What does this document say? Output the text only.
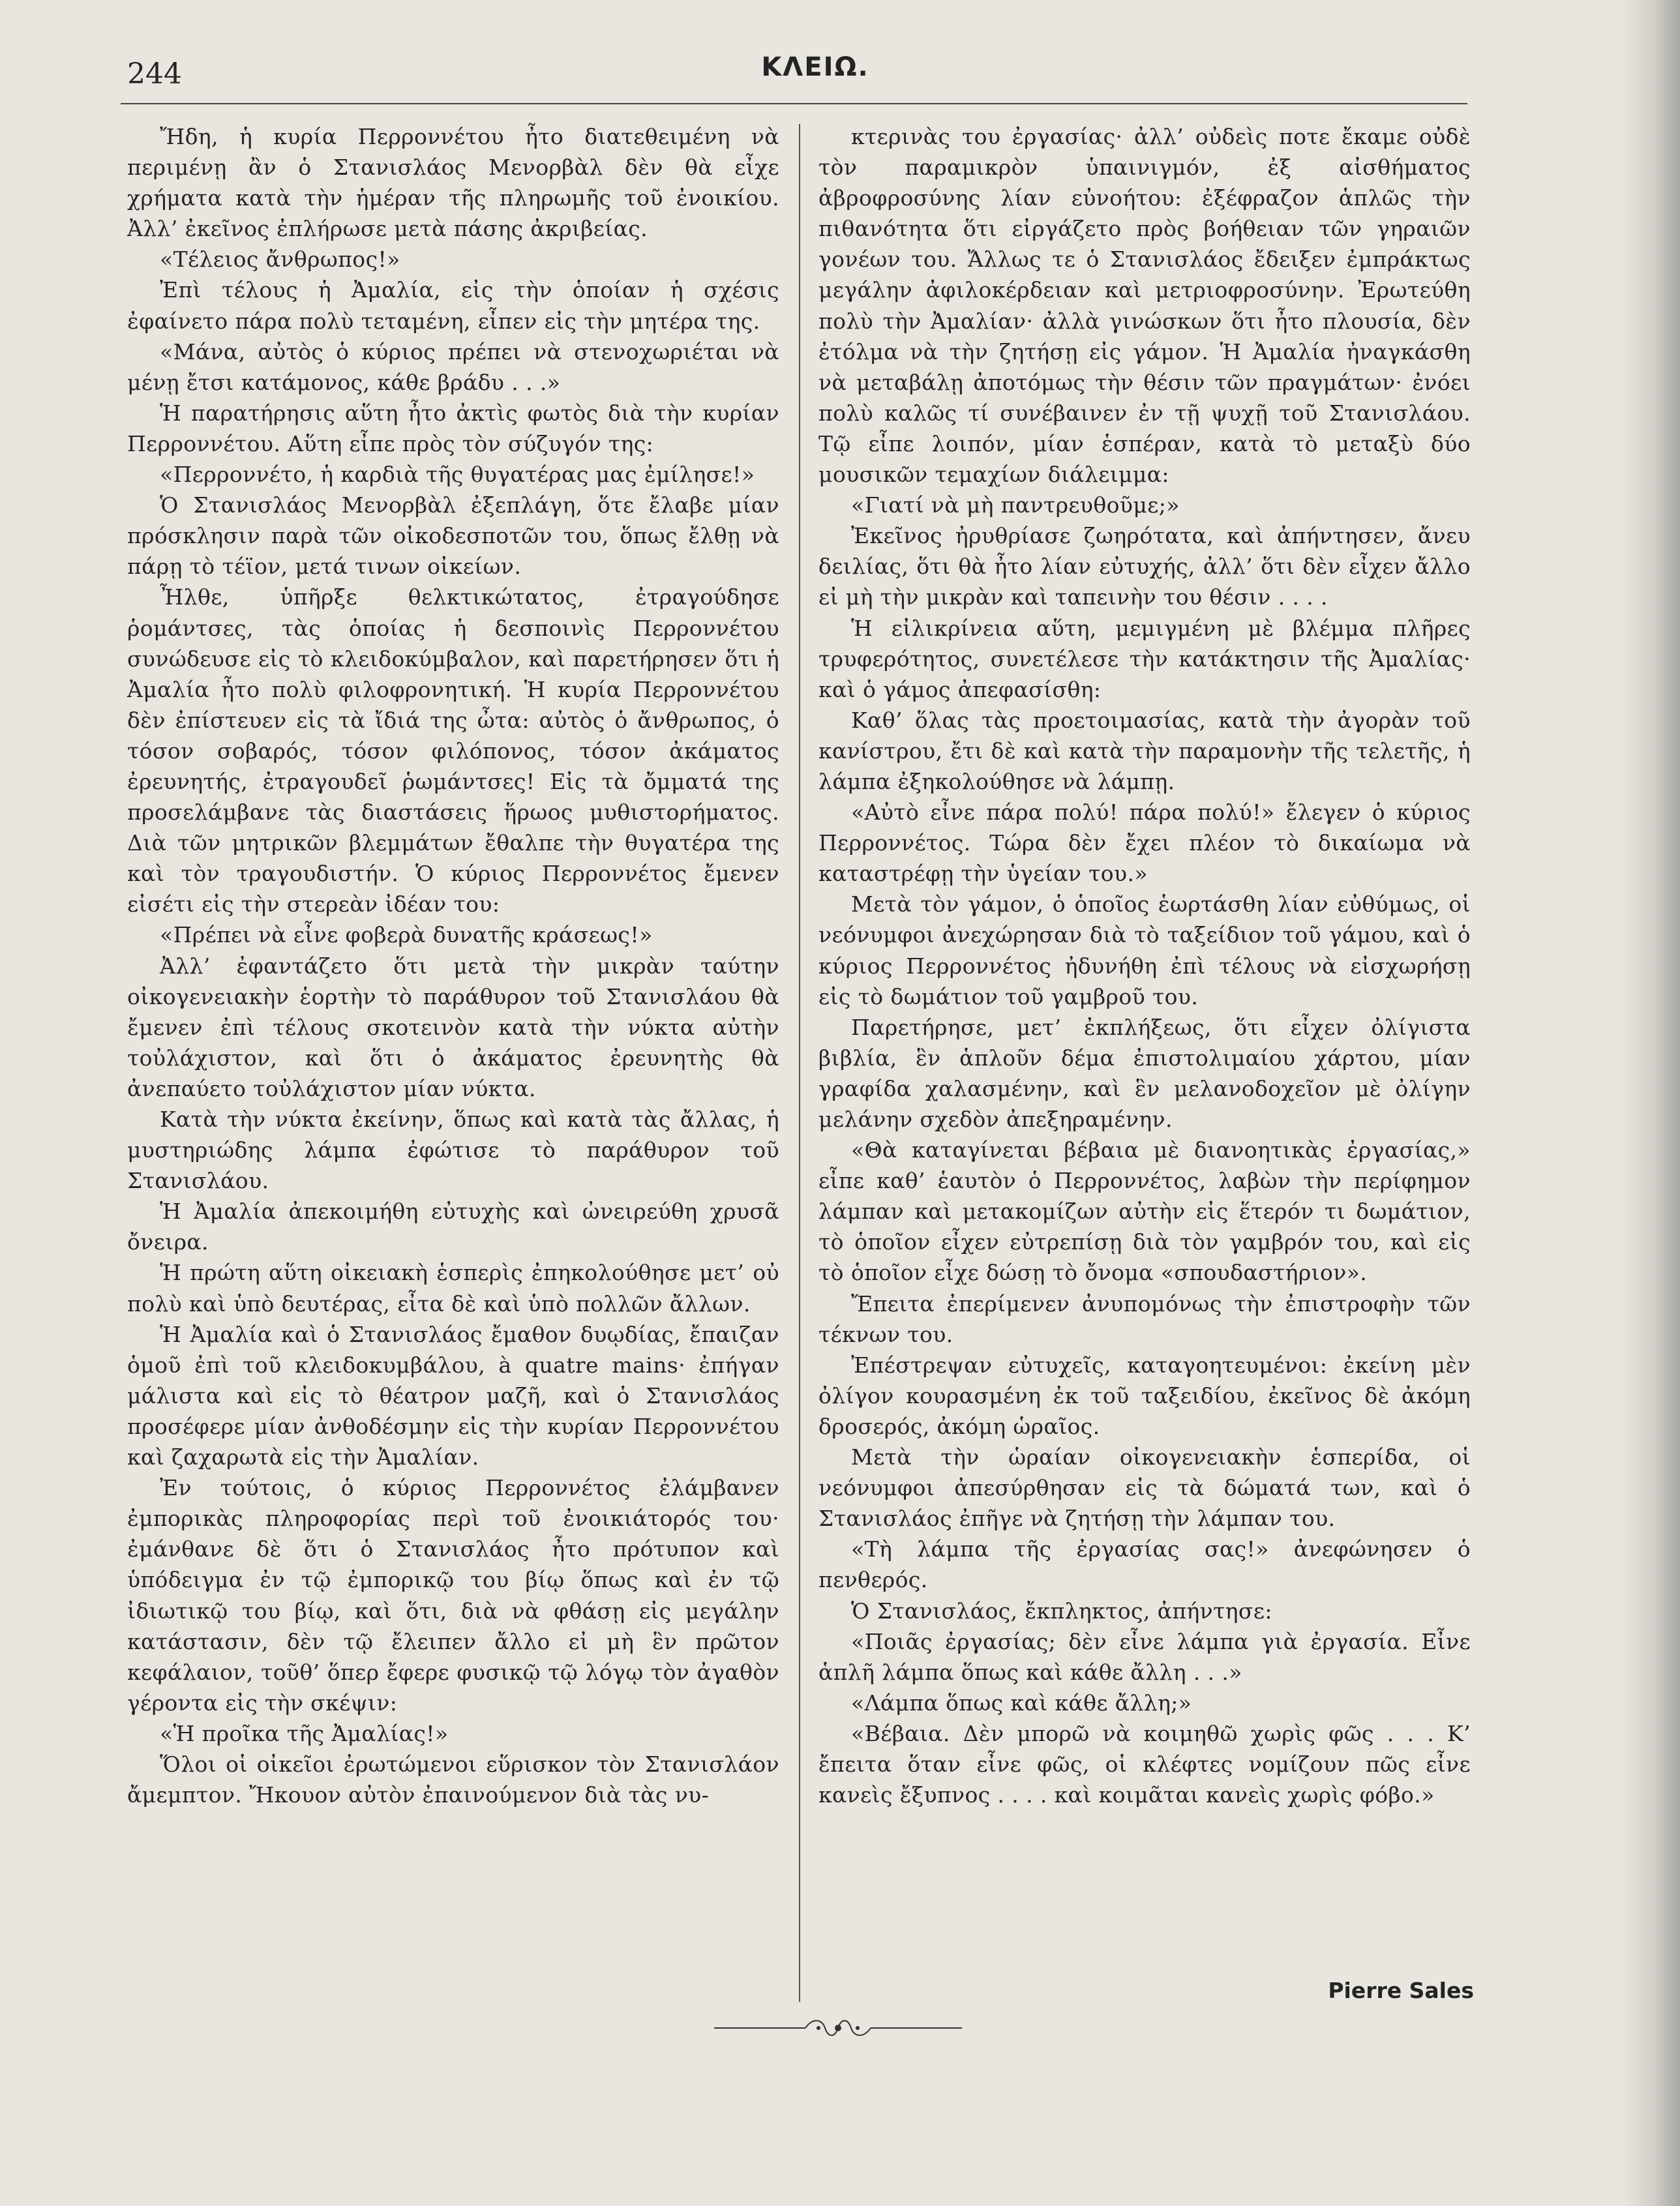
244	ΚΛΕΙΩ.

Ἤδη, ἡ κυρία Περροννέτου ἦτο διατεθειμένη νὰ περιμένῃ ἂν ὁ Στανισλάος Μενορβὰλ δὲν θὰ εἶχε χρήματα κατὰ τὴν ἡμέραν τῆς πληρωμῆς τοῦ ἐνοικίου. Ἀλλ’ ἐκεῖνος ἐπλήρωσε μετὰ πάσης ἀκριβείας.

«Τέλειος ἄνθρωπος!»

Ἐπὶ τέλους ἡ Ἀμαλία, εἰς τὴν ὁποίαν ἡ σχέσις ἐφαίνετο πάρα πολὺ τεταμένη, εἶπεν εἰς τὴν μητέρα της.

«Μάνα, αὐτὸς ὁ κύριος πρέπει νὰ στενοχωριέται νὰ μένῃ ἔτσι κατάμονος, κάθε βράδυ . . .»

Ἡ παρατήρησις αὕτη ἦτο ἀκτὶς φωτὸς διὰ τὴν κυρίαν Περροννέτου. Αὕτη εἶπε πρὸς τὸν σύζυγόν της:

«Περροννέτο, ἡ καρδιὰ τῆς θυγατέρας μας ἐμίλησε!»

Ὁ Στανισλάος Μενορβὰλ ἐξεπλάγη, ὅτε ἔλαβε μίαν πρόσκλησιν παρὰ τῶν οἰκοδεσποτῶν του, ὅπως ἔλθῃ νὰ πάρῃ τὸ τέϊον, μετά τινων οἰκείων.

Ἦλθε, ὑπῆρξε θελκτικώτατος, ἐτραγούδησε ῥομάντσες, τὰς ὁποίας ἡ δεσποινὶς Περροννέτου συνώδευσε εἰς τὸ κλειδοκύμβαλον, καὶ παρετήρησεν ὅτι ἡ Ἀμαλία ἦτο πολὺ φιλοφρονητική. Ἡ κυρία Περροννέτου δὲν ἐπίστευεν εἰς τὰ ἴδιά της ὦτα: αὐτὸς ὁ ἄνθρωπος, ὁ τόσον σοβαρός, τόσον φιλόπονος, τόσον ἀκάματος ἐρευνητής, ἐτραγουδεῖ ῥωμάντσες! Εἰς τὰ ὄμματά της προσελάμβανε τὰς διαστάσεις ἥρωος μυθιστορήματος. Διὰ τῶν μητρικῶν βλεμμάτων ἔθαλπε τὴν θυγατέρα της καὶ τὸν τραγουδιστήν. Ὁ κύριος Περροννέτος ἔμενεν εἰσέτι εἰς τὴν στερεὰν ἰδέαν του:

«Πρέπει νὰ εἶνε φοβερὰ δυνατῆς κράσεως!»

Ἀλλ’ ἐφαντάζετο ὅτι μετὰ τὴν μικρὰν ταύτην οἰκογενειακὴν ἑορτὴν τὸ παράθυρον τοῦ Στανισλάου θὰ ἔμενεν ἐπὶ τέλους σκοτεινὸν κατὰ τὴν νύκτα αὐτὴν τοὐλάχιστον, καὶ ὅτι ὁ ἀκάματος ἐρευνητὴς θὰ ἀνεπαύετο τοὐλάχιστον μίαν νύκτα.

Κατὰ τὴν νύκτα ἐκείνην, ὅπως καὶ κατὰ τὰς ἄλλας, ἡ μυστηριώδης λάμπα ἐφώτισε τὸ παράθυρον τοῦ Στανισλάου.

Ἡ Ἀμαλία ἀπεκοιμήθη εὐτυχὴς καὶ ὠνειρεύθη χρυσᾶ ὄνειρα.

Ἡ πρώτη αὕτη οἰκειακὴ ἑσπερὶς ἐπηκολούθησε μετ’ οὐ πολὺ καὶ ὑπὸ δευτέρας, εἶτα δὲ καὶ ὑπὸ πολλῶν ἄλλων.

Ἡ Ἀμαλία καὶ ὁ Στανισλάος ἔμαθον δυῳδίας, ἔπαιζαν ὁμοῦ ἐπὶ τοῦ κλειδοκυμβάλου, à quatre mains· ἐπήγαν μάλιστα καὶ εἰς τὸ θέατρον μαζῆ, καὶ ὁ Στανισλάος προσέφερε μίαν ἀνθοδέσμην εἰς τὴν κυρίαν Περροννέτου καὶ ζαχαρωτὰ εἰς τὴν Ἀμαλίαν.

Ἐν τούτοις, ὁ κύριος Περροννέτος ἐλάμβανεν ἐμπορικὰς πληροφορίας περὶ τοῦ ἐνοικιάτορός του· ἐμάνθανε δὲ ὅτι ὁ Στανισλάος ἦτο πρότυπον καὶ ὑπόδειγμα ἐν τῷ ἐμπορικῷ του βίῳ ὅπως καὶ ἐν τῷ ἰδιωτικῷ του βίῳ, καὶ ὅτι, διὰ νὰ φθάσῃ εἰς μεγάλην κατάστασιν, δὲν τῷ ἔλειπεν ἄλλο εἰ μὴ ἓν πρῶτον κεφάλαιον, τοῦθ’ ὅπερ ἔφερε φυσικῷ τῷ λόγῳ τὸν ἀγαθὸν γέροντα εἰς τὴν σκέψιν:

«Ἡ προῖκα τῆς Ἀμαλίας!»

Ὅλοι οἱ οἰκεῖοι ἐρωτώμενοι εὕρισκον τὸν Στανισλάον ἄμεμπτον. Ἤκουον αὐτὸν ἐπαινούμενον διὰ τὰς νυ-

κτερινὰς του ἐργασίας· ἀλλ’ οὐδεὶς ποτε ἔκαμε οὐδὲ τὸν παραμικρὸν ὑπαινιγμόν, ἐξ αἰσθήματος ἀβροφροσύνης λίαν εὐνοήτου: ἐξέφραζον ἁπλῶς τὴν πιθανότητα ὅτι εἰργάζετο πρὸς βοήθειαν τῶν γηραιῶν γονέων του. Ἄλλως τε ὁ Στανισλάος ἔδειξεν ἐμπράκτως μεγάλην ἀφιλοκέρδειαν καὶ μετριοφροσύνην. Ἐρωτεύθη πολὺ τὴν Ἀμαλίαν· ἀλλὰ γινώσκων ὅτι ἦτο πλουσία, δὲν ἐτόλμα νὰ τὴν ζητήσῃ εἰς γάμον. Ἡ Ἀμαλία ἠναγκάσθη νὰ μεταβάλῃ ἀποτόμως τὴν θέσιν τῶν πραγμάτων· ἐνόει πολὺ καλῶς τί συνέβαινεν ἐν τῇ ψυχῇ τοῦ Στανισλάου. Τῷ εἶπε λοιπόν, μίαν ἑσπέραν, κατὰ τὸ μεταξὺ δύο μουσικῶν τεμαχίων διάλειμμα:

«Γιατί νὰ μὴ παντρευθοῦμε;»

Ἐκεῖνος ἠρυθρίασε ζωηρότατα, καὶ ἀπήντησεν, ἄνευ δειλίας, ὅτι θὰ ἦτο λίαν εὐτυχής, ἀλλ’ ὅτι δὲν εἶχεν ἄλλο εἰ μὴ τὴν μικρὰν καὶ ταπεινὴν του θέσιν . . . .

Ἡ εἰλικρίνεια αὕτη, μεμιγμένη μὲ βλέμμα πλῆρες τρυφερότητος, συνετέλεσε τὴν κατάκτησιν τῆς Ἀμαλίας· καὶ ὁ γάμος ἀπεφασίσθη:

Καθ’ ὅλας τὰς προετοιμασίας, κατὰ τὴν ἀγορὰν τοῦ κανίστρου, ἔτι δὲ καὶ κατὰ τὴν παραμονὴν τῆς τελετῆς, ἡ λάμπα ἐξηκολούθησε νὰ λάμπῃ.

«Αὐτὸ εἶνε πάρα πολύ! πάρα πολύ!» ἔλεγεν ὁ κύριος Περροννέτος. Τώρα δὲν ἔχει πλέον τὸ δικαίωμα νὰ καταστρέφῃ τὴν ὑγείαν του.»

Μετὰ τὸν γάμον, ὁ ὁποῖος ἑωρτάσθη λίαν εὐθύμως, οἱ νεόνυμφοι ἀνεχώρησαν διὰ τὸ ταξείδιον τοῦ γάμου, καὶ ὁ κύριος Περροννέτος ἠδυνήθη ἐπὶ τέλους νὰ εἰσχωρήσῃ εἰς τὸ δωμάτιον τοῦ γαμβροῦ του.

Παρετήρησε, μετ’ ἐκπλήξεως, ὅτι εἶχεν ὀλίγιστα βιβλία, ἓν ἁπλοῦν δέμα ἐπιστολιμαίου χάρτου, μίαν γραφίδα χαλασμένην, καὶ ἓν μελανοδοχεῖον μὲ ὀλίγην μελάνην σχεδὸν ἀπεξηραμένην.

«Θὰ καταγίνεται βέβαια μὲ διανοητικὰς ἐργασίας,» εἶπε καθ’ ἑαυτὸν ὁ Περροννέτος, λαβὼν τὴν περίφημον λάμπαν καὶ μετακομίζων αὐτὴν εἰς ἕτερόν τι δωμάτιον, τὸ ὁποῖον εἶχεν εὐτρεπίσῃ διὰ τὸν γαμβρόν του, καὶ εἰς τὸ ὁποῖον εἶχε δώσῃ τὸ ὄνομα «σπουδαστήριον».

Ἔπειτα ἐπερίμενεν ἀνυπομόνως τὴν ἐπιστροφὴν τῶν τέκνων του.

Ἐπέστρεψαν εὐτυχεῖς, καταγοητευμένοι: ἐκείνη μὲν ὀλίγον κουρασμένη ἐκ τοῦ ταξειδίου, ἐκεῖνος δὲ ἀκόμη δροσερός, ἀκόμη ὡραῖος.

Μετὰ τὴν ὡραίαν οἰκογενειακὴν ἑσπερίδα, οἱ νεόνυμφοι ἀπεσύρθησαν εἰς τὰ δώματά των, καὶ ὁ Στανισλάος ἐπῆγε νὰ ζητήσῃ τὴν λάμπαν του.

«Τὴ λάμπα τῆς ἐργασίας σας!» ἀνεφώνησεν ὁ πενθερός.

Ὁ Στανισλάος, ἔκπληκτος, ἀπήντησε:

«Ποιᾶς ἐργασίας; δὲν εἶνε λάμπα γιὰ ἐργασία. Εἶνε ἁπλῆ λάμπα ὅπως καὶ κάθε ἄλλη . . .»

«Λάμπα ὅπως καὶ κάθε ἄλλη;»

«Βέβαια. Δὲν μπορῶ νὰ κοιμηθῶ χωρὶς φῶς . . . Κ’ ἔπειτα ὅταν εἶνε φῶς, οἱ κλέφτες νομίζουν πῶς εἶνε κανεὶς ἔξυπνος . . . . καὶ κοιμᾶται κανεὶς χωρὶς φόβο.»

Pierre Sales
